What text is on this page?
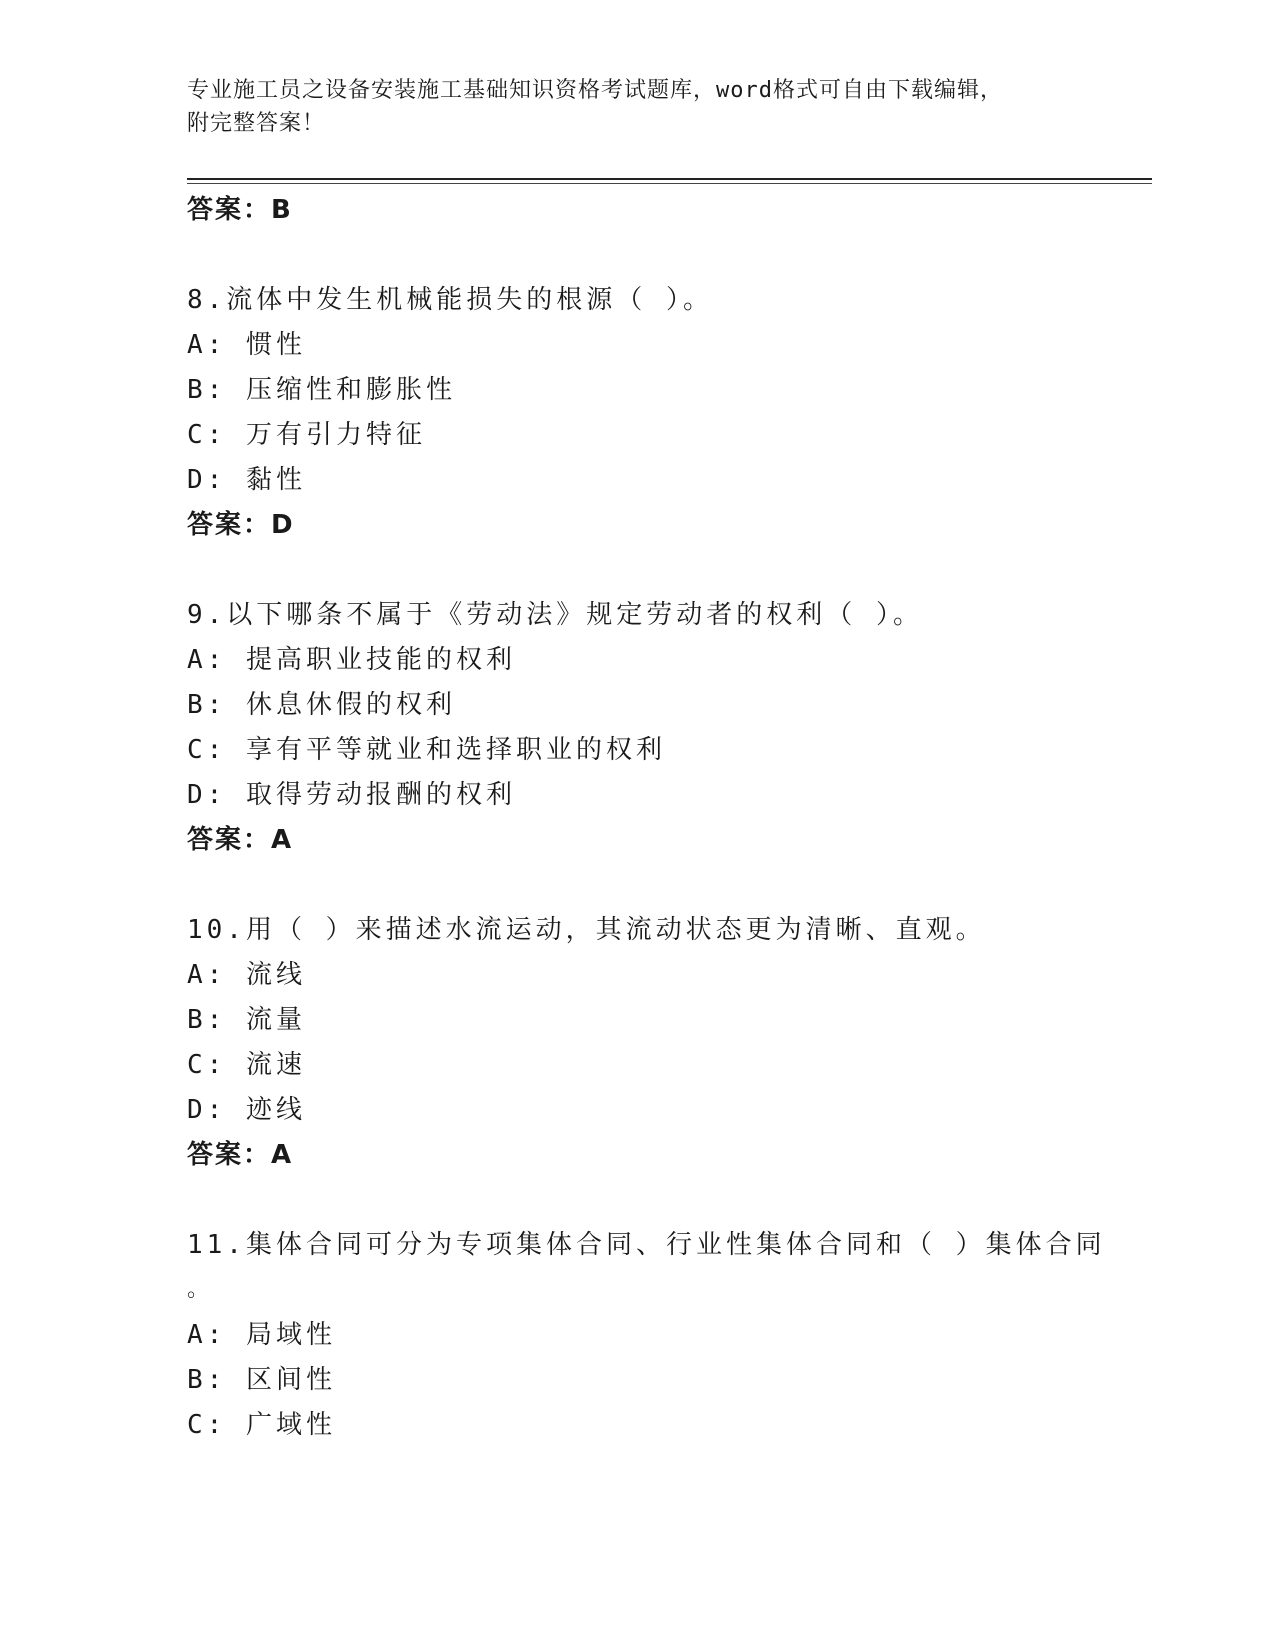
专业施工员之设备安装施工基础知识资格考试题库，word格式可自由下载编辑，
附完整答案！
答案：B
8.流体中发生机械能损失的根源（ ）。
A: 惯性
B: 压缩性和膨胀性
C: 万有引力特征
D: 黏性
答案：D
9.以下哪条不属于《劳动法》规定劳动者的权利（ ）。
A: 提高职业技能的权利
B: 休息休假的权利
C: 享有平等就业和选择职业的权利
D: 取得劳动报酬的权利
答案：A
10.用（ ）来描述水流运动，其流动状态更为清晰、直观。
A: 流线
B: 流量
C: 流速
D: 迹线
答案：A
11.集体合同可分为专项集体合同、行业性集体合同和（ ）集体合同
。
A: 局域性
B: 区间性
C: 广域性
